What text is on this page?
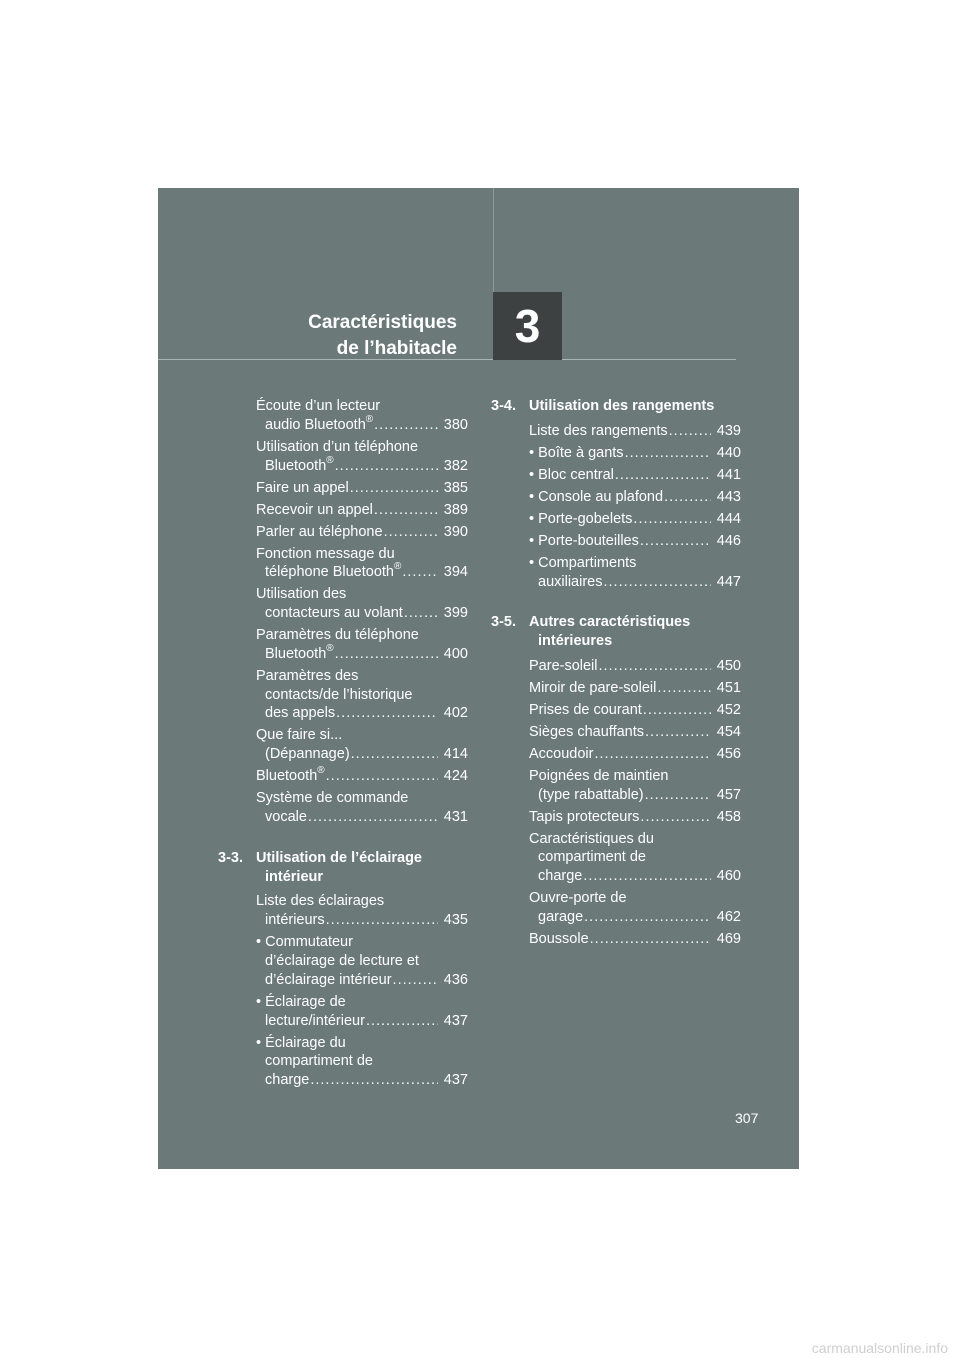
Caractéristiques
de l’habitacle 3
Écoute d’un lecteur
audio Bluetooth® .....	380
Utilisation d’un téléphone
Bluetooth® .....	382
Faire un appel .....	385
Recevoir un appel .....	389
Parler au téléphone .....	390
Fonction message du
téléphone Bluetooth® .....	394
Utilisation des
contacteurs au volant .....	399
Paramètres du téléphone
Bluetooth® .....	400
Paramètres des
contacts/de l’historique
des appels .....	402
Que faire si...
(Dépannage) .....	414
Bluetooth® .....	424
Système de commande
vocale .....	431
3-3. Utilisation de l’éclairage
intérieur
Liste des éclairages
intérieurs .....	435
• Commutateur
d’éclairage de lecture et
d’éclairage intérieur .....	436
• Éclairage de
lecture/intérieur .....	437
• Éclairage du
compartiment de
charge .....	437
3-4. Utilisation des rangements
Liste des rangements .....	439
• Boîte à gants .....	440
• Bloc central .....	441
• Console au plafond .....	443
• Porte-gobelets .....	444
• Porte-bouteilles .....	446
• Compartiments
auxiliaires .....	447
3-5. Autres caractéristiques
intérieures
Pare-soleil .....	450
Miroir de pare-soleil .....	451
Prises de courant .....	452
Sièges chauffants .....	454
Accoudoir .....	456
Poignées de maintien
(type rabattable) .....	457
Tapis protecteurs .....	458
Caractéristiques du
compartiment de
charge .....	460
Ouvre-porte de
garage .....	462
Boussole .....	469
307
carmanualsonline.info
